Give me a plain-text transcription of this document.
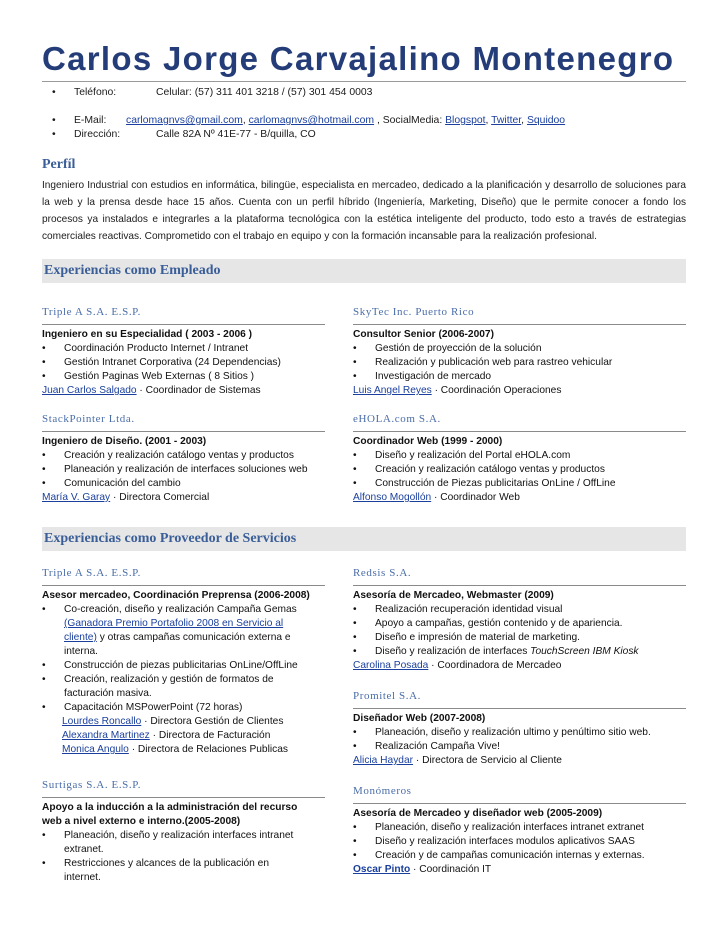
Carlos Jorge Carvajalino Montenegro
• Teléfono:	Celular: (57) 311 401 3218 / (57) 301 454 0003
• E-Mail: carlomagnvs@gmail.com, carlomagnvs@hotmail.com , SocialMedia: Blogspot, Twitter, Squidoo
• Dirección:	Calle 82A Nº 41E-77 - B/quilla, CO
Perfíl
Ingeniero Industrial con estudios en informática, bilingüe, especialista en mercadeo, dedicado a la planificación y desarrollo de soluciones para la web y la prensa desde hace 15 años. Cuenta con un perfil híbrido (Ingeniería, Marketing, Diseño) que le permite conocer a fondo los procesos ya instalados e integrarles a la plataforma tecnológica con la estética inteligente del producto, todo esto a través de estrategias comerciales reactivas. Comprometido con el trabajo en equipo y con la formación incansable para la realización profesional.
Experiencias como Empleado
Triple A S.A. E.S.P.
Ingeniero en su Especialidad ( 2003 - 2006 )
• Coordinación Producto Internet / Intranet
• Gestión Intranet Corporativa (24 Dependencias)
• Gestión Paginas Web Externas ( 8 Sitios )
Juan Carlos Salgado · Coordinador de Sistemas
SkyTec Inc. Puerto Rico
Consultor Senior (2006-2007)
• Gestión de proyección de la solución
• Realización y publicación web para rastreo vehicular
• Investigación de mercado
Luis Angel Reyes · Coordinación Operaciones
StackPointer Ltda.
Ingeniero de Diseño. (2001 - 2003)
• Creación y realización catálogo ventas y productos
• Planeación y realización de interfaces soluciones web
• Comunicación del cambio
María V. Garay · Directora Comercial
eHOLA.com S.A.
Coordinador Web (1999 - 2000)
• Diseño y realización del Portal eHOLA.com
• Creación y realización catálogo ventas y productos
• Construcción de Piezas publicitarias OnLine / OffLine
Alfonso Mogollón · Coordinador Web
Experiencias como Proveedor de Servicios
Triple A S.A. E.S.P.
Asesor mercadeo, Coordinación Preprensa (2006-2008)
• Co-creación, diseño y realización Campaña Gemas (Ganadora Premio Portafolio 2008 en Servicio al cliente) y otras campañas comunicación externa e interna.
• Construcción de piezas publicitarias OnLine/OffLine
• Creación, realización y gestión de formatos de facturación masiva.
• Capacitación MSPowerPoint (72 horas)
Lourdes Roncallo · Directora Gestión de Clientes
Alexandra Martinez · Directora de Facturación
Monica Angulo · Directora de Relaciones Publicas
Surtigas S.A. E.S.P.
Apoyo a la inducción a la administración del recurso web a nivel externo e interno.(2005-2008)
• Planeación, diseño y realización interfaces intranet extranet.
• Restricciones y alcances de la publicación en internet.
Redsis S.A.
Asesoría de Mercadeo, Webmaster (2009)
• Realización recuperación identidad visual
• Apoyo a campañas, gestión contenido y de apariencia.
• Diseño e impresión de material de marketing.
• Diseño y realización de interfaces TouchScreen IBM Kiosk
Carolina Posada · Coordinadora de Mercadeo
Promitel S.A.
Diseñador Web (2007-2008)
• Planeación, diseño y realización ultimo y penúltimo sitio web.
• Realización Campaña Vive!
Alicia Haydar · Directora de Servicio al Cliente
Monómeros
Asesoría de Mercadeo y diseñador web (2005-2009)
• Planeación, diseño y realización interfaces intranet extranet
• Diseño y realización interfaces modulos aplicativos SAAS
• Creación y de campañas comunicación internas y externas.
Oscar Pinto · Coordinación IT
